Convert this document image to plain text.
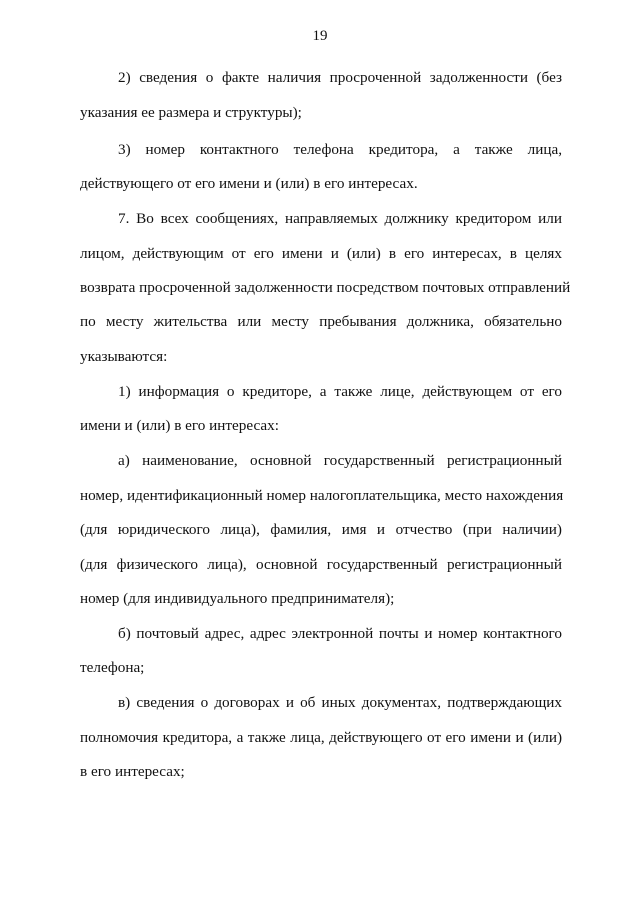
19
2) сведения о факте наличия просроченной задолженности (без
указания ее размера и структуры);
3) номер контактного телефона кредитора, а также лица,
действующего от его имени и (или) в его интересах.
7. Во всех сообщениях, направляемых должнику кредитором или
лицом, действующим от его имени и (или) в его интересах, в целях
возврата просроченной задолженности посредством почтовых отправлений
по месту жительства или месту пребывания должника, обязательно
указываются:
1) информация о кредиторе, а также лице, действующем от его
имени и (или) в его интересах:
а) наименование, основной государственный регистрационный
номер, идентификационный номер налогоплательщика, место нахождения
(для юридического лица), фамилия, имя и отчество (при наличии)
(для физического лица), основной государственный регистрационный
номер (для индивидуального предпринимателя);
б) почтовый адрес, адрес электронной почты и номер контактного
телефона;
в) сведения о договорах и об иных документах, подтверждающих
полномочия кредитора, а также лица, действующего от его имени и (или)
в его интересах;
